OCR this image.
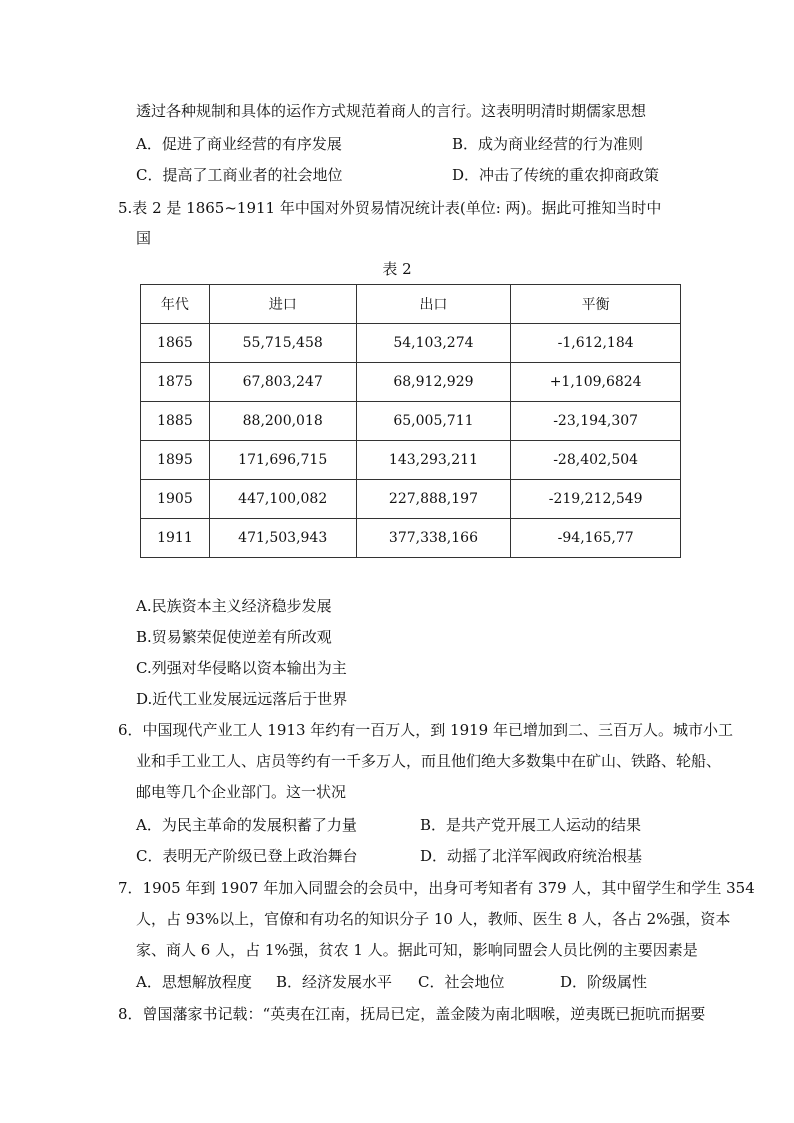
透过各种规制和具体的运作方式规范着商人的言行。这表明明清时期儒家思想
A．促进了商业经营的有序发展	B．成为商业经营的行为准则
C．提高了工商业者的社会地位	D．冲击了传统的重农抑商政策
5.表 2 是 1865~1911 年中国对外贸易情况统计表(单位: 两)。据此可推知当时中
国
表 2
年代	进口	出口	平衡
1865	55,715,458	54,103,274	-1,612,184
1875	67,803,247	68,912,929	+1,109,6824
1885	88,200,018	65,005,711	-23,194,307
1895	171,696,715	143,293,211	-28,402,504
1905	447,100,082	227,888,197	-219,212,549
1911	471,503,943	377,338,166	-94,165,77
A.民族资本主义经济稳步发展
B.贸易繁荣促使逆差有所改观
C.列强对华侵略以资本输出为主
D.近代工业发展远远落后于世界
6．中国现代产业工人 1913 年约有一百万人，到 1919 年已增加到二、三百万人。城市小工
业和手工业工人、店员等约有一千多万人，而且他们绝大多数集中在矿山、铁路、轮船、
邮电等几个企业部门。这一状况
A．为民主革命的发展积蓄了力量	B．是共产党开展工人运动的结果
C．表明无产阶级已登上政治舞台	D．动摇了北洋军阀政府统治根基
7．1905 年到 1907 年加入同盟会的会员中，出身可考知者有 379 人，其中留学生和学生 354
人，占 93%以上，官僚和有功名的知识分子 10 人，教师、医生 8 人，各占 2%强，资本
家、商人 6 人，占 1%强，贫农 1 人。据此可知，影响同盟会人员比例的主要因素是
A．思想解放程度 B．经济发展水平 C．社会地位	D．阶级属性
8．曾国藩家书记载：“英夷在江南，抚局已定，盖金陵为南北咽喉，逆夷既已扼吭而据要
